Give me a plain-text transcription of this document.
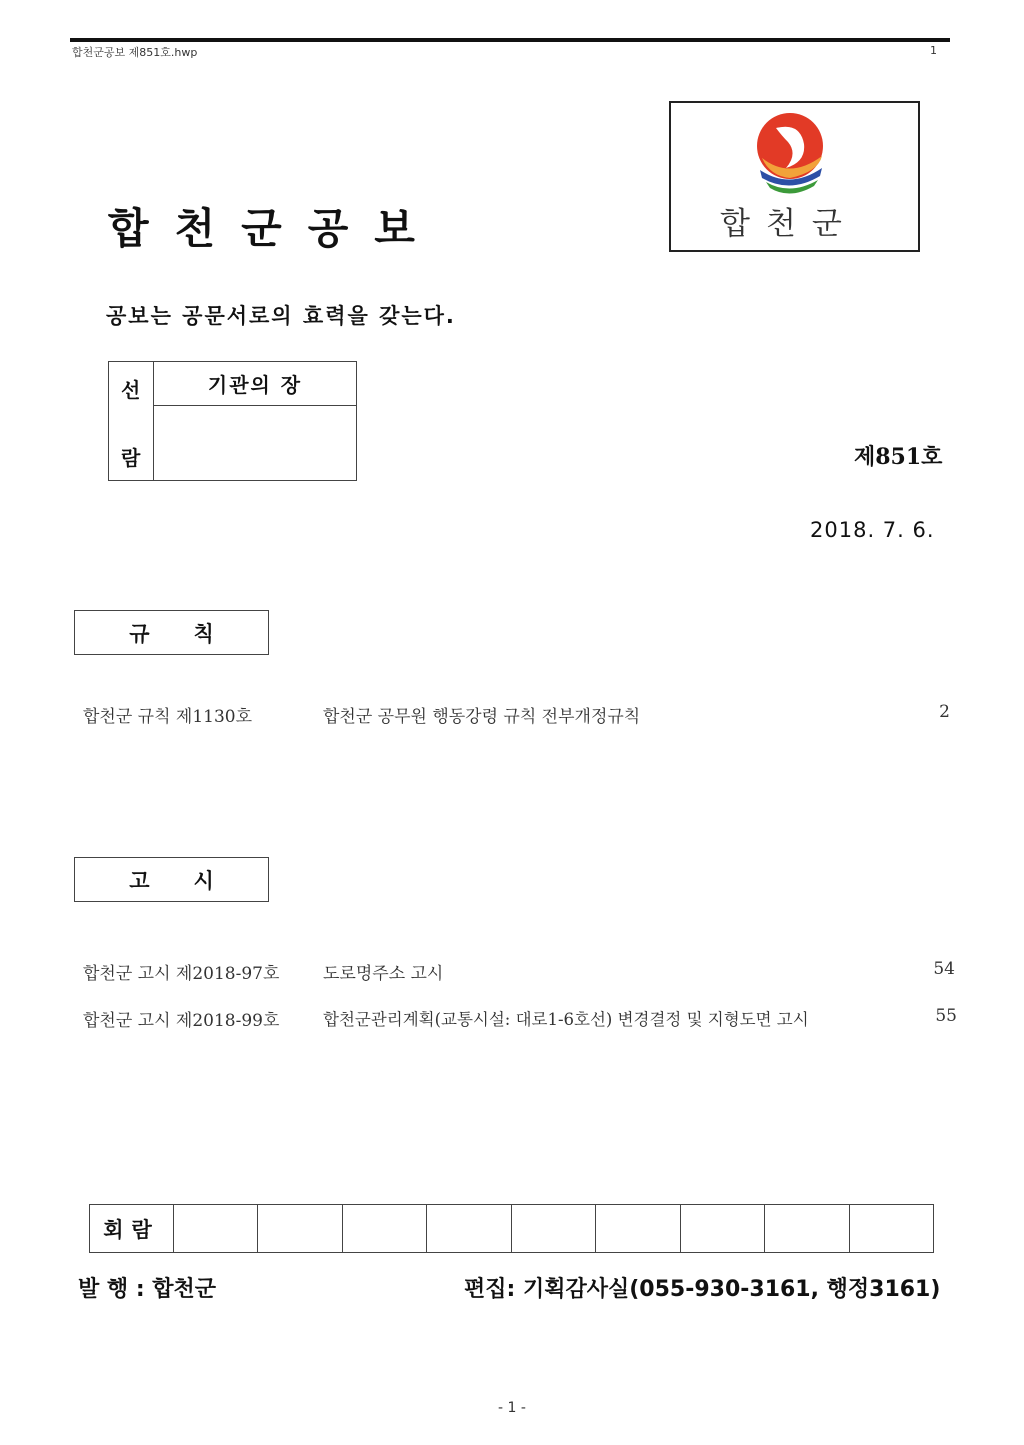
합천군공보 제851호.hwp	1
합천군공보	합천군
공보는 공문서로의 효력을 갖는다.
선
람
기관의 장
제851호
2018. 7. 6.
규칙
합천군 규칙 제1130호	합천군 공무원 행동강령 규칙 전부개정규칙	2
고시
합천군 고시 제2018-97호	도로명주소 고시	54
합천군 고시 제2018-99호	합천군관리계획(교통시설: 대로1-6호선) 변경결정 및 지형도면 고시	55
회람
발 행 : 합천군	편집: 기획감사실(055-930-3161, 행정3161)
- 1 -
